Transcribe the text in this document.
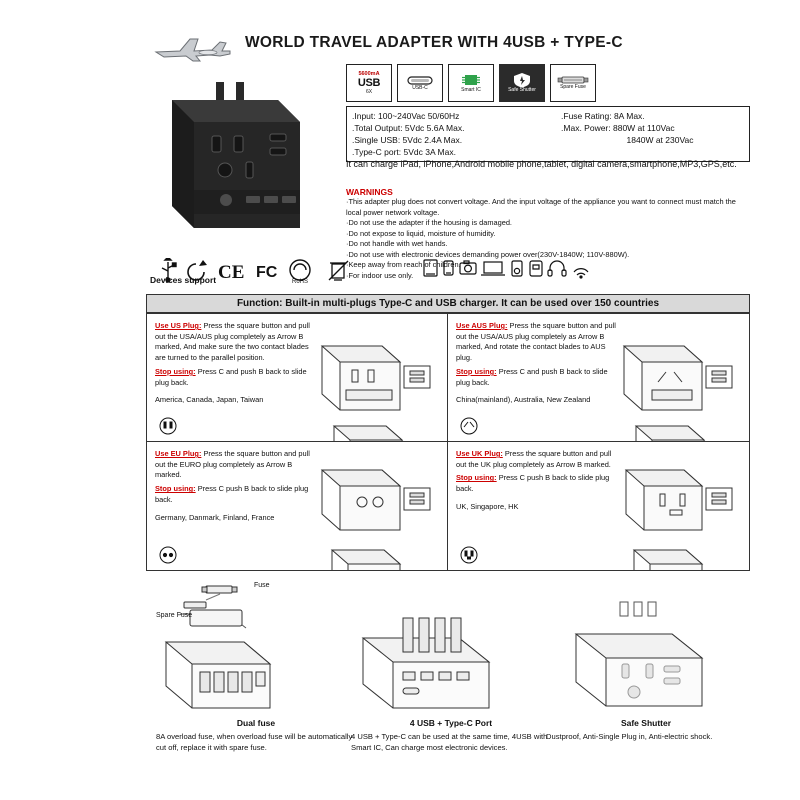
WORLD TRAVEL ADAPTER WITH 4USB + TYPE-C
5600mA
USB
6X
USB-C	Smart IC	Safe Shutter	Spare Fuse
.Input: 100~240Vac 50/60Hz
.Total Output: 5Vdc 5.6A Max.
.Single USB: 5Vdc 2.4A Max.
.Type-C port: 5Vdc 3A Max.
.Fuse Rating: 8A Max.
.Max. Power: 880W at 110Vac
1840W at 230Vac
It can charge iPad, iPhone,Android mobile phone,tablet, digital camera,smartphone,MP3,GPS,etc.
WARNINGS
·This adapter plug does not convert voltage. And the input voltage of the appliance you want to connect must match the local power network voltage.
·Do not use the adapter if the housing is damaged.
·Do not expose to liquid, moisture of humidity.
·Do not handle with wet hands.
·Do not use with electronic devices demanding power over(230V-1840W; 110V-880W).
·Keep away from reach of children.
·For indoor use only.
CE FC
RoHS
Devices support
Function: Built-in multi-plugs Type-C and USB charger. It can be used over 150 countries

Use US Plug: Press the square button and pull out the USA/AUS plug completely as Arrow B marked, And make sure the two contact blades are turned to the parallel position.

Stop using: Press C and push B back to slide plug back.

America, Canada, Japan, Taiwan

Use AUS Plug: Press the square button and pull out the USA/AUS plug completely as Arrow B marked, And rotate the contact blades to AUS plug.

Stop using: Press C and push B back to slide plug back.

China(mainland), Australia, New Zealand

Use EU Plug: Press the square button and pull out the EURO plug completely as Arrow B marked.

Stop using: Press C push B back to slide plug back.

Germany, Danmark, Finland, France

Use UK Plug: Press the square button and pull out the UK plug completely as Arrow B marked.

Stop using: Press C push B back to slide plug back.

UK, Singapore, HK
Spare Fuse
Fuse
Dual fuse
8A overload fuse, when overload fuse will be automatically cut off, replace it with spare fuse.
4 USB + Type-C Port
4 USB + Type-C can be used at the same time, 4USB with Smart IC, Can charge most electronic devices.
Safe Shutter
Dustproof, Anti-Single Plug in, Anti-electric shock.
